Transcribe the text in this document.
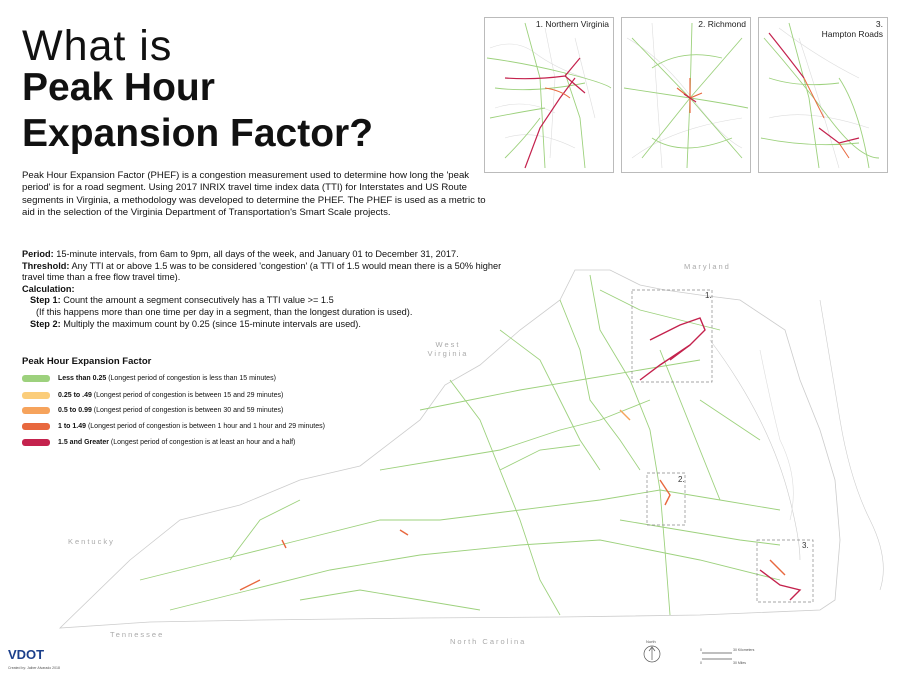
What is
Peak Hour
Expansion Factor?
Peak Hour Expansion Factor (PHEF) is a congestion measurement used to determine how long the 'peak period' is for a road segment. Using 2017 INRIX travel time index data (TTI) for Interstates and US Route segments in Virginia, a methodology was developed to determine the PHEF. The PHEF is used as a metric to aid in the selection of the Virginia Department of Transportation's Smart Scale projects.
Period: 15-minute intervals, from 6am to 9pm, all days of the week, and January 01 to December 31, 2017.
Threshold: Any TTI at or above 1.5 was to be considered 'congestion' (a TTI of 1.5 would mean there is a 50% higher travel time than a free flow travel time).
Calculation:
Step 1: Count the amount a segment consecutively has a TTI value >= 1.5
(If this happens more than one time per day in a segment, than the longest duration is used).
Step 2: Multiply the maximum count by 0.25 (since 15-minute intervals are used).
Peak Hour Expansion Factor
Less than 0.25 (Longest period of congestion is less than 15 minutes)
0.25 to .49 (Longest period of congestion is between 15 and 29 minutes)
0.5 to 0.99 (Longest period of congestion is between 30 and 59 minutes)
1 to 1.49 (Longest period of congestion is between 1 hour and 1 hour and 29 minutes)
1.5 and Greater (Longest period of congestion is at least an hour and a half)
1. Northern Virginia	2. Richmond	3.
Hampton Roads
1.
2.
3.
North
0	30 Kilometers
0	30 Miles
Maryland
West Virginia
Kentucky
Tennessee
North Carolina
VDOT
Created by: Jaiber Alvarado 2018
